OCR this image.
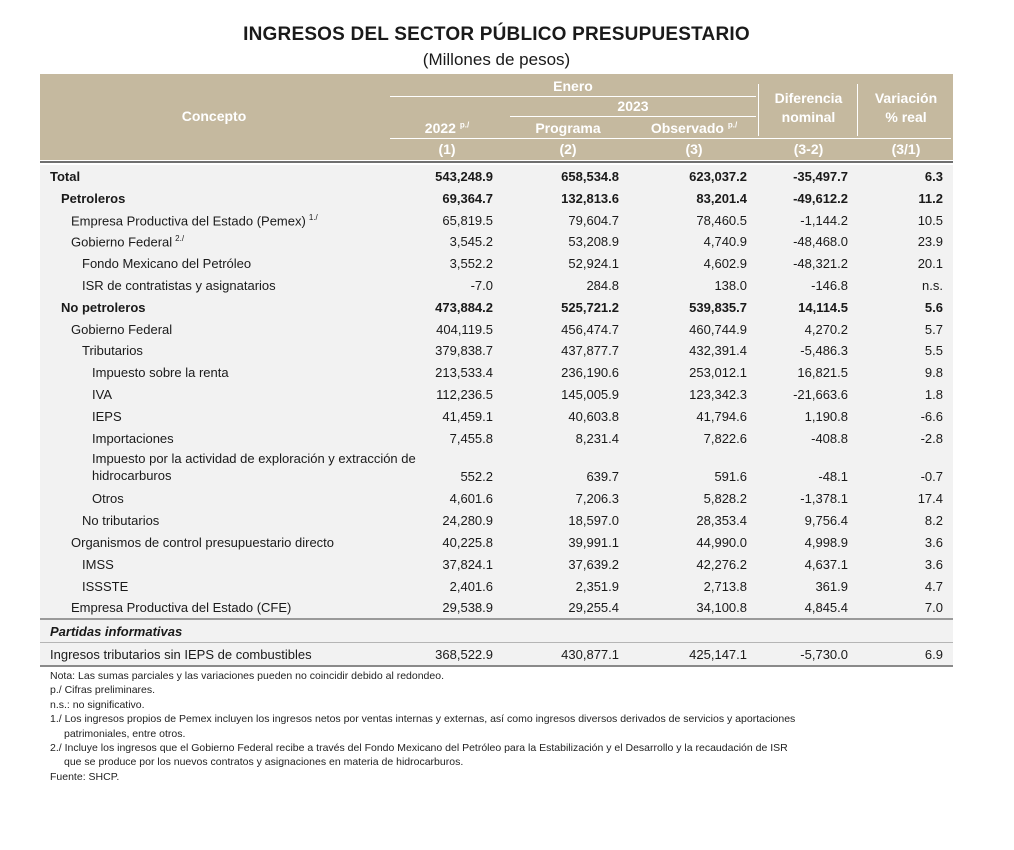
INGRESOS DEL SECTOR PÚBLICO PRESUPUESTARIO
(Millones de pesos)
Concepto
Enero
2023
2022 $^{p./}$	Programa	Observado $^{p./}$
Diferencia
nominal
Variación
% real
(1)	(2)	(3)	(3-2)	(3/1)
Total	543,248.9	658,534.8	623,037.2	-35,497.7	6.3
Petroleros	69,364.7	132,813.6	83,201.4	-49,612.2	11.2
Empresa Productiva del Estado (Pemex) $^{1./}$	65,819.5	79,604.7	78,460.5	-1,144.2	10.5
Gobierno Federal $^{2./}$	3,545.2	53,208.9	4,740.9	-48,468.0	23.9
Fondo Mexicano del Petróleo	3,552.2	52,924.1	4,602.9	-48,321.2	20.1
ISR de contratistas y asignatarios	-7.0	284.8	138.0	-146.8	n.s.
No petroleros	473,884.2	525,721.2	539,835.7	14,114.5	5.6
Gobierno Federal	404,119.5	456,474.7	460,744.9	4,270.2	5.7
Tributarios	379,838.7	437,877.7	432,391.4	-5,486.3	5.5
Impuesto sobre la renta	213,533.4	236,190.6	253,012.1	16,821.5	9.8
IVA	112,236.5	145,005.9	123,342.3	-21,663.6	1.8
IEPS	41,459.1	40,603.8	41,794.6	1,190.8	-6.6
Importaciones	7,455.8	8,231.4	7,822.6	-408.8	-2.8
Impuesto por la actividad de exploración y extracción de hidrocarburos	552.2	639.7	591.6	-48.1	-0.7
Otros	4,601.6	7,206.3	5,828.2	-1,378.1	17.4
No tributarios	24,280.9	18,597.0	28,353.4	9,756.4	8.2
Organismos de control presupuestario directo	40,225.8	39,991.1	44,990.0	4,998.9	3.6
IMSS	37,824.1	37,639.2	42,276.2	4,637.1	3.6
ISSSTE	2,401.6	2,351.9	2,713.8	361.9	4.7
Empresa Productiva del Estado (CFE)	29,538.9	29,255.4	34,100.8	4,845.4	7.0
Partidas informativas
Ingresos tributarios sin IEPS de combustibles	368,522.9	430,877.1	425,147.1	-5,730.0	6.9
Nota: Las sumas parciales y las variaciones pueden no coincidir debido al redondeo.
p./ Cifras preliminares.
n.s.: no significativo.
1./ Los ingresos propios de Pemex incluyen los ingresos netos por ventas internas y externas, así como ingresos diversos derivados de servicios y aportaciones
patrimoniales, entre otros.
2./ Incluye los ingresos que el Gobierno Federal recibe a través del Fondo Mexicano del Petróleo para la Estabilización y el Desarrollo y la recaudación de ISR
que se produce por los nuevos contratos y asignaciones en materia de hidrocarburos.
Fuente: SHCP.
